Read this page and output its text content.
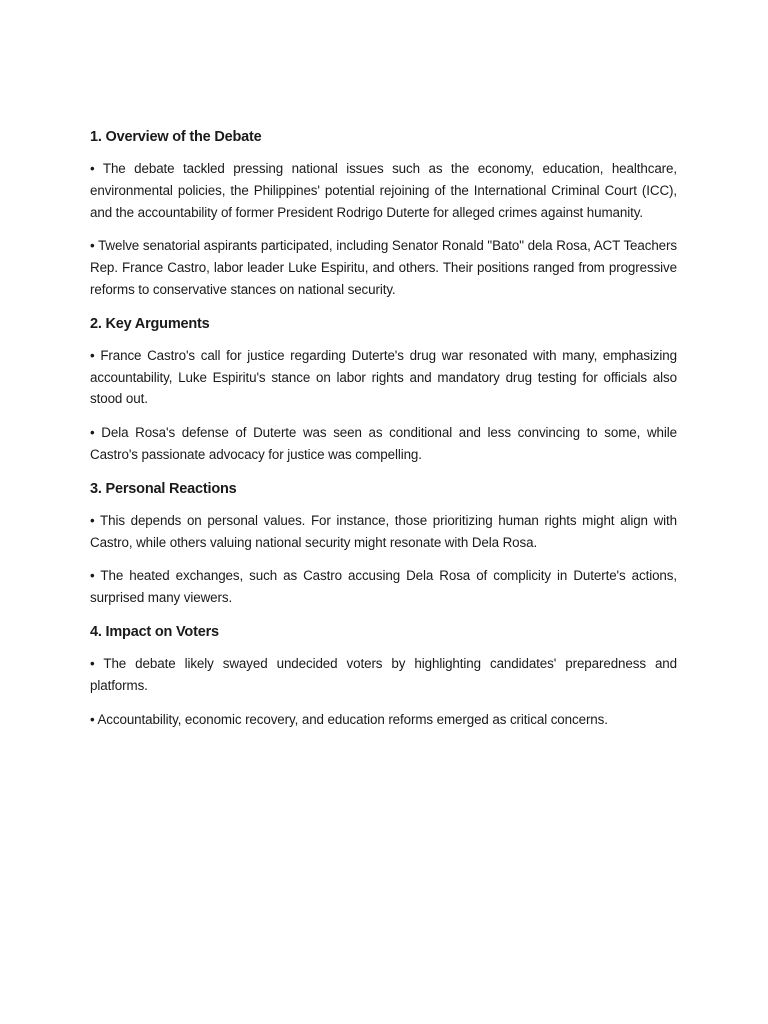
1. Overview of the Debate

• The debate tackled pressing national issues such as the economy, education, healthcare, environmental policies, the Philippines' potential rejoining of the International Criminal Court (ICC), and the accountability of former President Rodrigo Duterte for alleged crimes against humanity.

• Twelve senatorial aspirants participated, including Senator Ronald "Bato" dela Rosa, ACT Teachers Rep. France Castro, labor leader Luke Espiritu, and others. Their positions ranged from progressive reforms to conservative stances on national security.

2. Key Arguments

• France Castro's call for justice regarding Duterte's drug war resonated with many, emphasizing accountability, Luke Espiritu's stance on labor rights and mandatory drug testing for officials also stood out.

• Dela Rosa's defense of Duterte was seen as conditional and less convincing to some, while Castro's passionate advocacy for justice was compelling.

3. Personal Reactions

• This depends on personal values. For instance, those prioritizing human rights might align with Castro, while others valuing national security might resonate with Dela Rosa.

• The heated exchanges, such as Castro accusing Dela Rosa of complicity in Duterte's actions, surprised many viewers.

4. Impact on Voters

• The debate likely swayed undecided voters by highlighting candidates' preparedness and platforms.

• Accountability, economic recovery, and education reforms emerged as critical concerns.
